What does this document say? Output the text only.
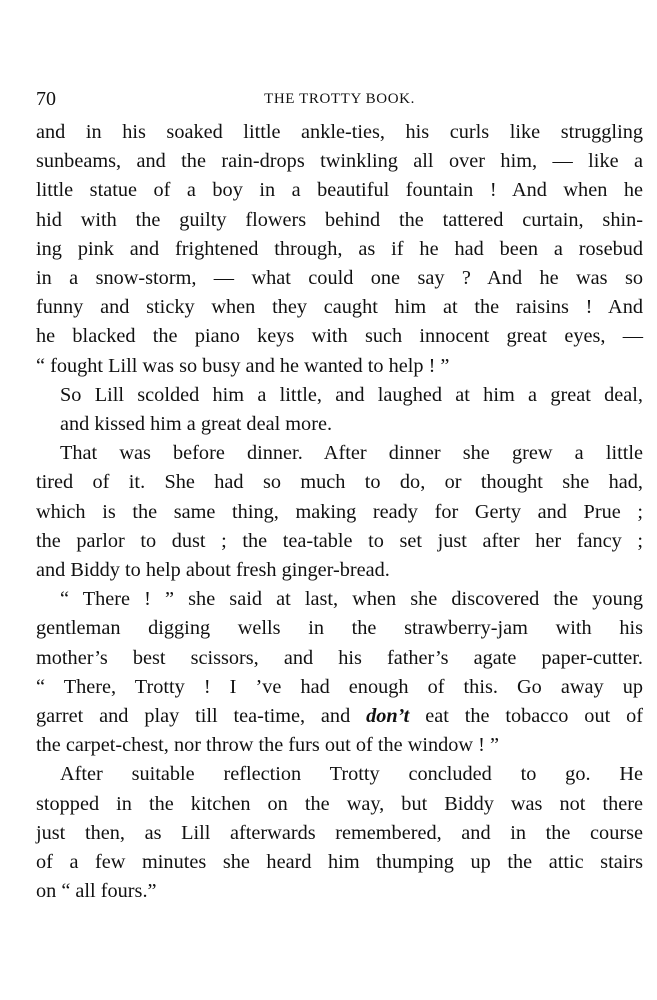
70	THE TROTTY BOOK.

and in his soaked little ankle-ties, his curls like struggling
sunbeams, and the rain-drops twinkling all over him, — like a
little statue of a boy in a beautiful fountain ! And when he
hid with the guilty flowers behind the tattered curtain, shin-
ing pink and frightened through, as if he had been a rosebud
in a snow-storm, — what could one say ? And he was so
funny and sticky when they caught him at the raisins ! And
he blacked the piano keys with such innocent great eyes, —
“ fought Lill was so busy and he wanted to help ! ”

So Lill scolded him a little, and laughed at him a great deal,
and kissed him a great deal more.

That was before dinner. After dinner she grew a little
tired of it. She had so much to do, or thought she had,
which is the same thing, making ready for Gerty and Prue ;
the parlor to dust ; the tea-table to set just after her fancy ;
and Biddy to help about fresh ginger-bread.

“ There ! ” she said at last, when she discovered the young
gentleman digging wells in the strawberry-jam with his
mother’s best scissors, and his father’s agate paper-cutter.
“ There, Trotty ! I ’ve had enough of this. Go away up
garret and play till tea-time, and don’t eat the tobacco out of
the carpet-chest, nor throw the furs out of the window ! ”

After suitable reflection Trotty concluded to go. He
stopped in the kitchen on the way, but Biddy was not there
just then, as Lill afterwards remembered, and in the course
of a few minutes she heard him thumping up the attic stairs
on “ all fours.”
